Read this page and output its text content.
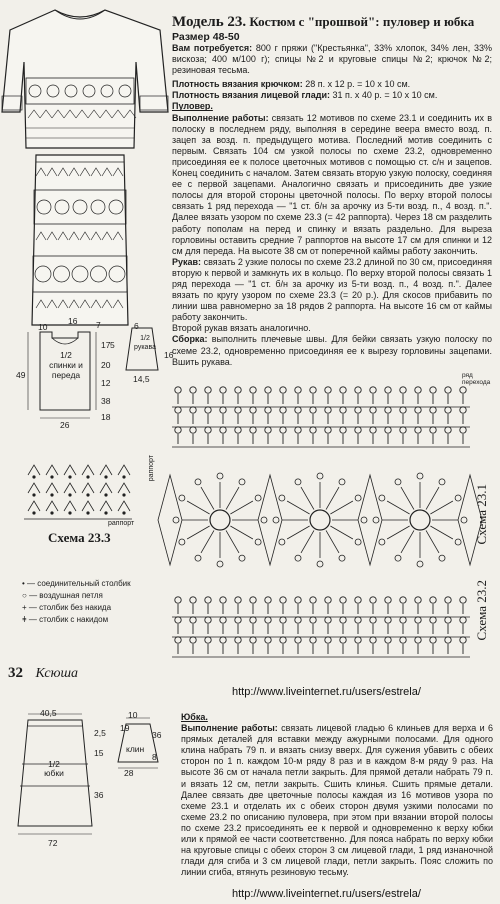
Модель 23. Костюм с "прошвой": пуловер и юбка
Размер 48-50
Вам потребуется: 800 г пряжи ("Крестьянка", 33% хлопок, 34% лен, 33% вискоза; 400 м/100 г); спицы №2 и круговые спицы №2; крючок №2; резиновая тесьма.
Плотность вязания крючком: 28 п. х 12 р. = 10 х 10 см.
Плотность вязания лицевой глади: 31 п. х 40 р. = 10 х 10 см.
Пуловер.
Выполнение работы: связать 12 мотивов по схеме 23.1 и соединить их в полоску в последнем ряду, выполняя в середине веера вместо возд. п. зацеп за возд. п. предыдущего мотива. Последний мотив соединить с первым. Связать 104 см узкой полосы по схеме 23.2, одновременно присоединяя ее к полосе цветочных мотивов с помощью ст. с/н и зацепов. Конец соединить с началом. Затем связать вторую узкую полоску, соединяя ее с первой зацепами. Аналогично связать и присоединить две узкие полосы для второй стороны цветочной полосы. По верху второй полосы связать 1 ряд перехода — "1 ст. б/н за арочку из 5-ти возд. п., 4 возд. п.". Далее вязать узором по схеме 23.3 (= 42 раппорта). Через 18 см разделить работу пополам на перед и спинку и вязать раздельно. Для выреза горловины оставить средние 7 раппортов на высоте 17 см для спинки и 12 см для переда. На высоте 38 см от поперечной каймы работу закончить.
Рукав: связать 2 узкие полосы по схеме 23.2 длиной по 30 см, присоединяя вторую к первой и замкнуть их в кольцо. По верху второй полосы связать 1 ряд перехода — "1 ст. б/н за арочку из 5-ти возд. п., 4 возд. п.". Далее вязать по кругу узором по схеме 23.3 (= 20 р.). Для скосов прибавить по линии шва равномерно за 18 рядов 2 раппорта. На высоте 16 см от каймы работу закончить.
Второй рукав вязать аналогично.
Сборка: выполнить плечевые швы. Для бейки связать узкую полоску по схеме 23.2, одновременно присоединяя ее к вырезу горловины зацепами. Вшить рукава.
10
16 7
17
20
12
38
49
26
18
1/2 спинки и переда
6
5
16
14,5
1/2 рукава
раппорт
раппорт
Схема 23.3
• — соединительный столбик
○ — воздушная петля
+ — столбик без накида
ǂ — столбик с накидом
ряд перехода
Схема 23.1
Схема 23.2
32 Ксюша
http://www.liveinternet.ru/users/estrela/
40,5
2,5
15
36
72
1/2 юбки
10
19
36
28
8
клин
Юбка.
Выполнение работы: связать лицевой гладью 6 клиньев для верха и 6 прямых деталей для вставки между ажурными полосами. Для одного клина набрать 79 п. и вязать снизу вверх. Для сужения убавить с обеих сторон по 1 п. каждом 10-м ряду 8 раз и в каждом 8-м ряду 9 раз. На высоте 36 см от начала петли закрыть. Для прямой детали набрать 79 п. и вязать 12 см, петли закрыть. Сшить клинья. Сшить прямые детали. Далее связать две цветочные полосы каждая из 16 мотивов узора по схеме 23.1 и отделать их с обеих сторон двумя узкими полосами по схеме 23.2 по описанию пуловера, при этом при вязании второй полосы по схеме 23.2 присоединять ее к первой и одновременно к верху юбки или к прямой ее части соответственно. Для пояса набрать по верху юбки на круговые спицы с обеих сторон 3 см лицевой глади, 1 ряд изнаночной глади для сгиба и 3 см лицевой глади, петли закрыть. Пояс сложить по линии сгиба, втянуть резиновую тесьму.
http://www.liveinternet.ru/users/estrela/
